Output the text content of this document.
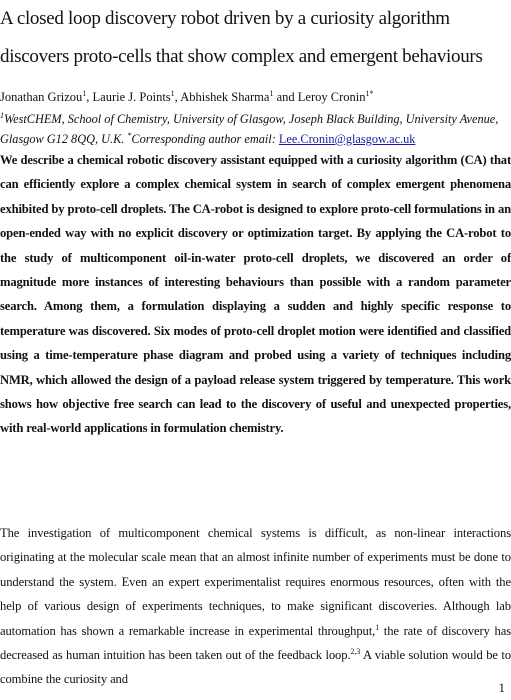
A closed loop discovery robot driven by a curiosity algorithm discovers proto-cells that show complex and emergent behaviours
Jonathan Grizou$^1$, Laurie J. Points$^1$, Abhishek Sharma$^1$ and Leroy Cronin$^{1*}$
$^1$WestCHEM, School of Chemistry, University of Glasgow, Joseph Black Building, University Avenue, Glasgow G12 8QQ, U.K. *Corresponding author email: Lee.Cronin@glasgow.ac.uk

We describe a chemical robotic discovery assistant equipped with a curiosity algorithm (CA) that can efficiently explore a complex chemical system in search of complex emergent phenomena exhibited by proto-cell droplets. The CA-robot is designed to explore proto-cell formulations in an open-ended way with no explicit discovery or optimization target. By applying the CA-robot to the study of multicomponent oil-in-water proto-cell droplets, we discovered an order of magnitude more instances of interesting behaviours than possible with a random parameter search. Among them, a formulation displaying a sudden and highly specific response to temperature was discovered. Six modes of proto-cell droplet motion were identified and classified using a time-temperature phase diagram and probed using a variety of techniques including NMR, which allowed the design of a payload release system triggered by temperature. This work shows how objective free search can lead to the discovery of useful and unexpected properties, with real-world applications in formulation chemistry.

The investigation of multicomponent chemical systems is difficult, as non-linear interactions originating at the molecular scale mean that an almost infinite number of experiments must be done to understand the system. Even an expert experimentalist requires enormous resources, often with the help of various design of experiments techniques, to make significant discoveries. Although lab automation has shown a remarkable increase in experimental throughput,$^1$ the rate of discovery has decreased as human intuition has been taken out of the feedback loop.$^{2,3}$ A viable solution would be to combine the curiosity and

1
